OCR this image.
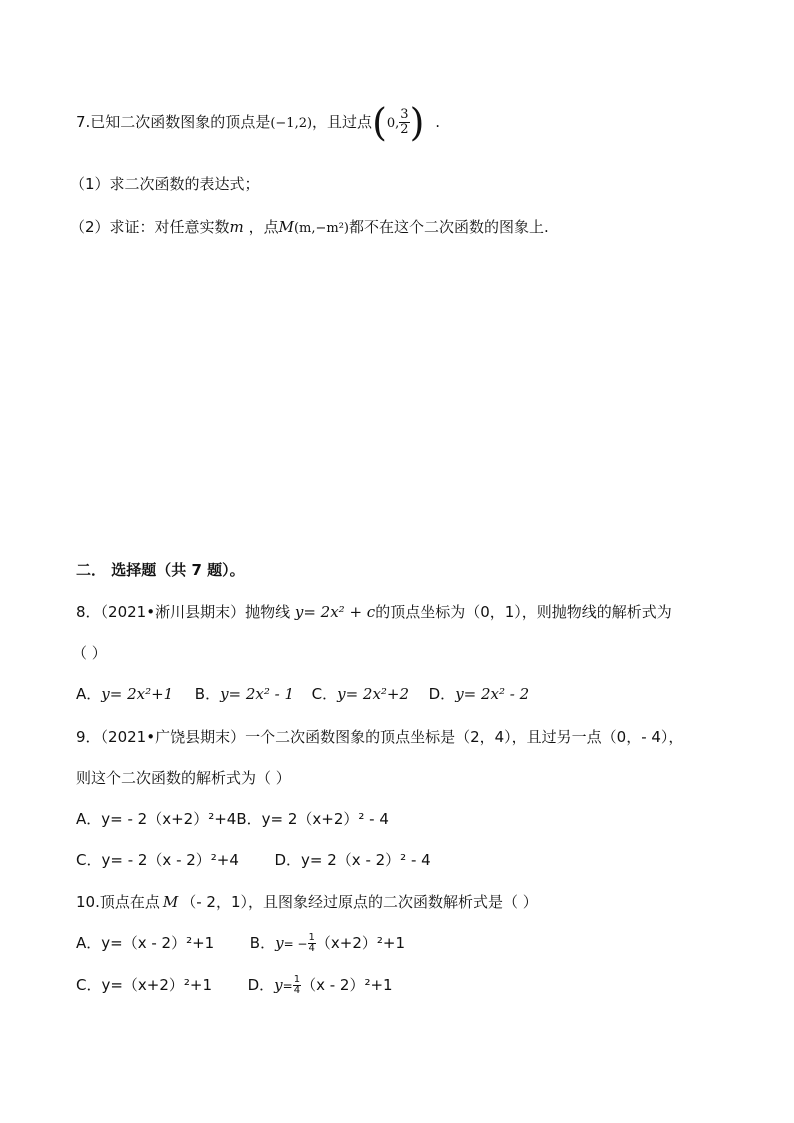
7.已知二次函数图象的顶点是(−1,2)，且过点(0, $\frac{3}{2}$ ) .
（1）求二次函数的表达式；
（2）求证：对任意实数m ，点M(m,−m²)都不在这个二次函数的图象上.
二． 选择题（共 7 题）。
8．（2021•淅川县期末）抛物线 y= 2x² + c的顶点坐标为（0，1），则抛物线的解析式为
（ ）
A．y= 2x²+1 B．y= 2x² - 1 C．y= 2x²+2 D．y= 2x² - 2
9．（2021•广饶县期末）一个二次函数图象的顶点坐标是（2，4），且过另一点（0，- 4），
则这个二次函数的解析式为（ ）
A．y= - 2（x+2）²+4B．y= 2（x+2）² - 4
C．y= - 2（x - 2）²+4 D．y= 2（x - 2）² - 4
10.顶点在点 M （- 2，1），且图象经过原点的二次函数解析式是（ ）
A．y=（x - 2）²+1 B．$y= - \frac{1}{4} (x+2)^2+1$
C．y=（x+2）²+1 D．$y= \frac{1}{4} (x - 2)^2+1$
